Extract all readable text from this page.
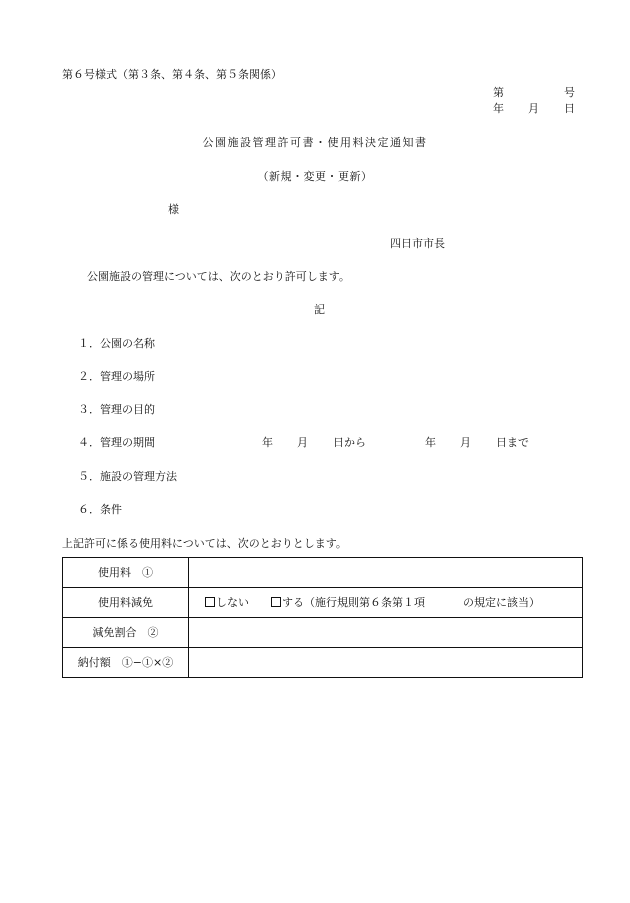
第６号様式（第３条、第４条、第５条関係）
第	号
年 月 日
公園施設管理許可書・使用料決定通知書
（新規・変更・更新）
様
四日市市長
公園施設の管理については、次のとおり許可します。
記
１．公園の名称
２．管理の場所
３．管理の目的
４．管理の期間
５．施設の管理方法
６．条件
年 月 日から	年 月 日まで
上記許可に係る使用料については、次のとおりとします。
使用料　①	
使用料減免	しない する（施行規則第６条第１項 の規定に該当）
減免割合　②	
納付額　①−①×②	
